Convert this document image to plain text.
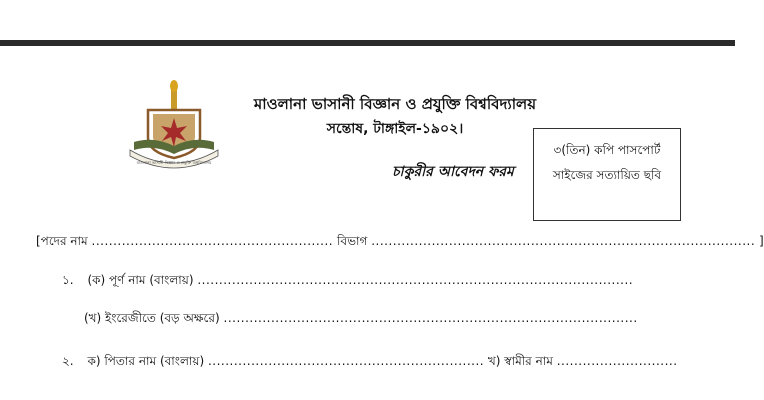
মাওলানা ভাসানী বিজ্ঞান ও প্রযুক্তি বিশ্ববিদ্যালয়
মাওলানা ভাসানী বিজ্ঞান ও প্রযুক্তি বিশ্ববিদ্যালয়
সন্তোষ, টাঙ্গাইল-১৯০২।
চাকুরীর আবেদন ফরম
৩(তিন) কপি পাসপোর্ট
সাইজের সত্যায়িত ছবি
[পদের নাম ........................................................ বিভাগ ......................................................................................... ]
১. (ক) পূর্ণ নাম (বাংলায়) .....................................................................................................
(খ) ইংরেজীতে (বড় অক্ষরে) ................................................................................................
২. ক) পিতার নাম (বাংলায়) ................................................................ খ) স্বামীর নাম ............................
